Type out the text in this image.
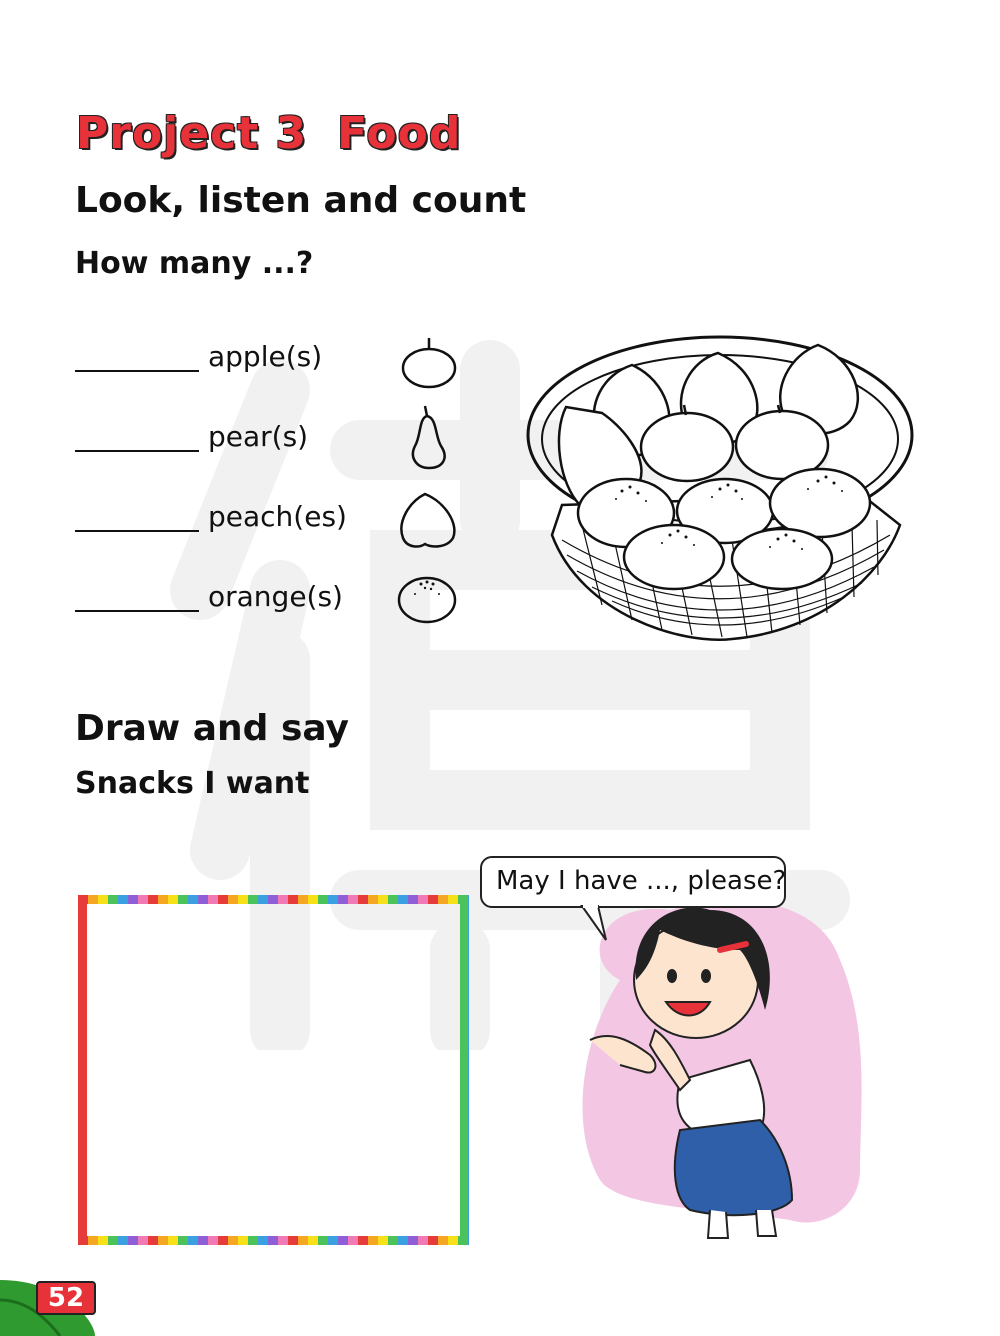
Project 3 Food
Look, listen and count
How many ...?
apple(s)
pear(s)
peach(es)
orange(s)
Draw and say
Snacks I want
May I have ..., please?
52
